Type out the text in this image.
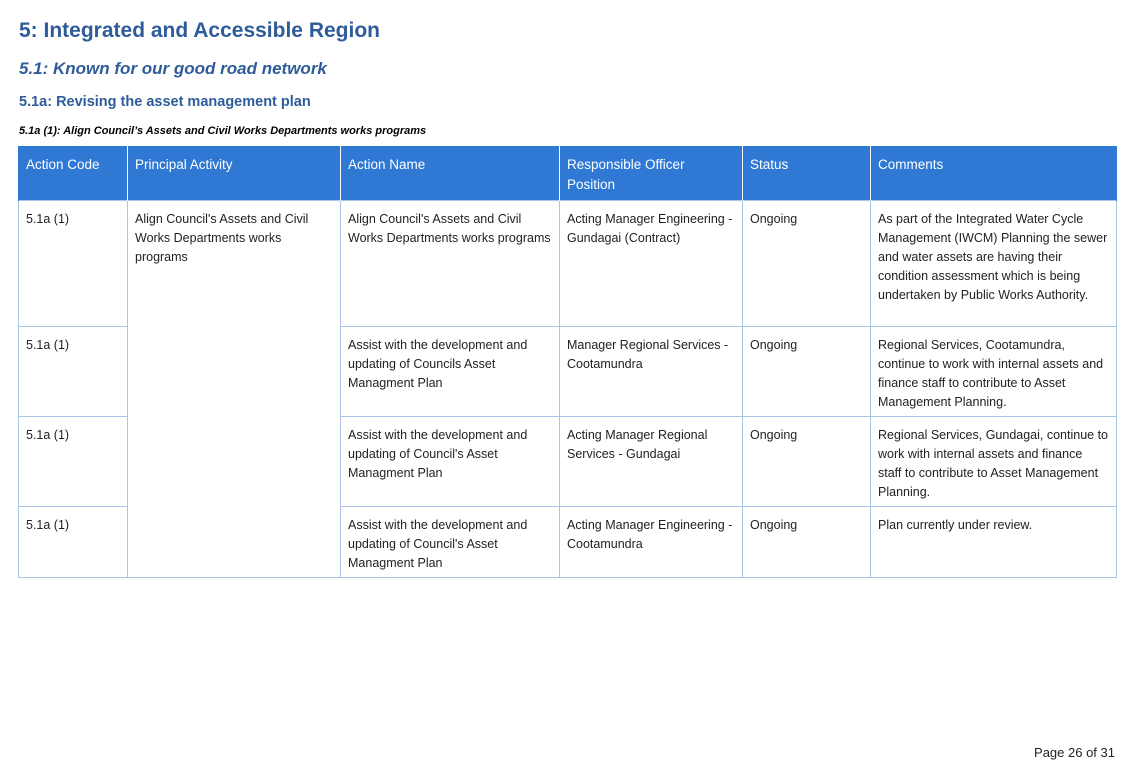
5: Integrated and Accessible Region
5.1: Known for our good road network
5.1a: Revising the asset management plan
5.1a (1): Align Council’s Assets and Civil Works Departments works programs
Action Code	Principal Activity	Action Name	Responsible Officer Position	Status	Comments
5.1a (1)	Align Council's Assets and Civil Works Departments works programs	Align Council's Assets and Civil Works Departments works programs	Acting Manager Engineering - Gundagai (Contract)	Ongoing	As part of the Integrated Water Cycle Management (IWCM) Planning the sewer and water assets are having their condition assessment which is being undertaken by Public Works Authority.
5.1a (1)		Assist with the development and updating of Councils Asset Managment Plan	Manager Regional Services - Cootamundra	Ongoing	Regional Services, Cootamundra, continue to work with internal assets and finance staff to contribute to Asset Management Planning.
5.1a (1)		Assist with the development and updating of Council's Asset Managment Plan	Acting Manager Regional Services - Gundagai	Ongoing	Regional Services, Gundagai, continue to work with internal assets and finance staff to contribute to Asset Management Planning.
5.1a (1)		Assist with the development and updating of Council's Asset Managment Plan	Acting Manager Engineering - Cootamundra	Ongoing	Plan currently under review.
Page 26 of 31
